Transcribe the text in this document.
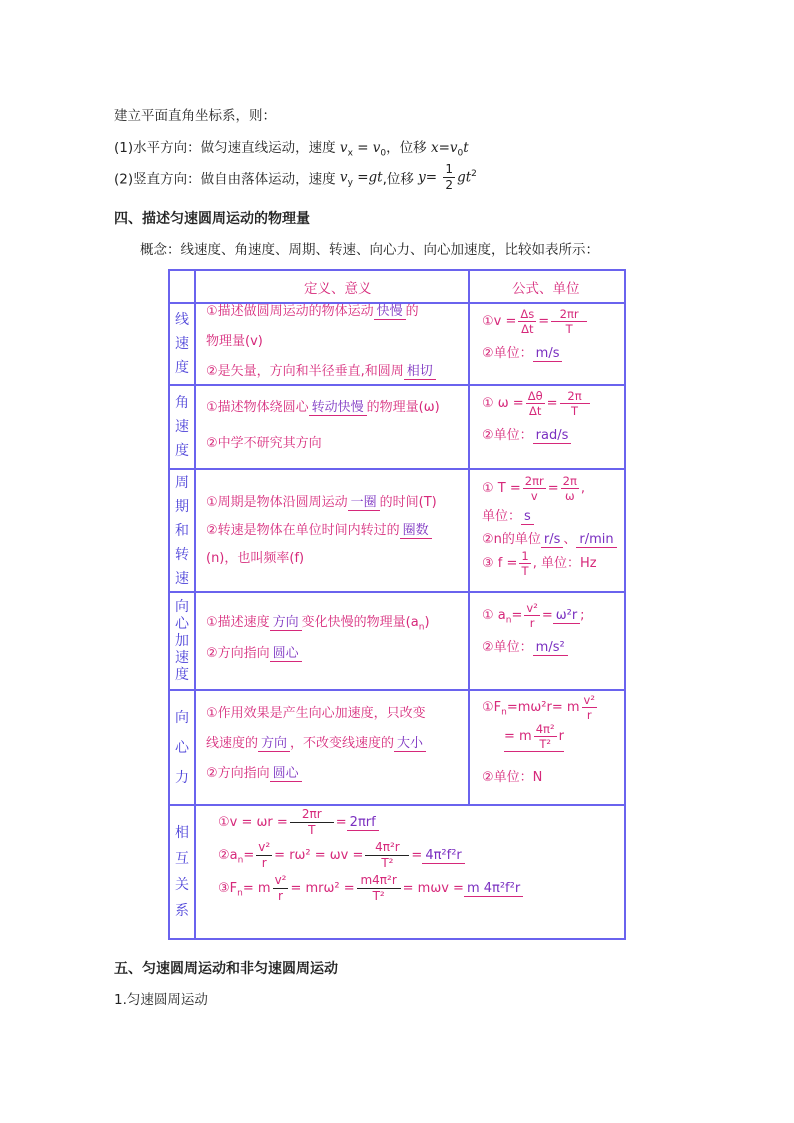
建立平面直角坐标系，则：
(1)水平方向：做匀速直线运动，速度 $v_x = v_0$，位移 $x=v_0t$
(2)竖直方向：做自由落体运动，速度 $v_y =gt$,位移 $y= \frac{1}{2} gt^2$
四、描述匀速圆周运动的物理量
概念：线速度、角速度、周期、转速、向心力、向心加速度，比较如表所示：
定义、意义	公式、单位
线
速
度
①描述做圆周运动的物体运动 快慢 的
物理量(v)
②是矢量，方向和半径垂直,和圆周 相切
①v = $\frac{\Delta s}{\Delta t} = \frac{2\pi r}{T}$
②单位： m/s
角
速
度
①描述物体绕圆心 转动快慢 的物理量(ω)
②中学不研究其方向
① $\omega = \frac{\Delta\theta}{\Delta t} = \frac{2\pi}{T}$
②单位： rad/s
周
期
和
转
速
①周期是物体沿圆周运动 一圈 的时间(T)
②转速是物体在单位时间内转过的 圈数
(n)，也叫频率(f)
① $T = \frac{2\pi r}{v} = \frac{2\pi}{\omega}$ ,
单位： s
②n的单位 r/s 、 r/min
③ $f = \frac{1}{T}$ , 单位：Hz
向
心
加
速
度
①描述速度 方向 变化快慢的物理量$(a_n)$
②方向指向 圆心
① $a_n= \frac{\text{v²}}{r} = \omega^2r$ ;
②单位： m/s²
向
心
力
①作用效果是产生向心加速度，只改变
线速度的 方向 ，不改变线速度的 大小
②方向指向 圆心
$①F_n=m\omega^2r= m \frac{\text{v²}}{r}$
= m $\frac{\text{4π²}}{\text{T²}}$ r
②单位：N
相
互
关
系
①v = $\omega r = \frac{2\pi r}{T} = 2\pi rf$
$②a_n= \frac{\text{v²}}{r} = r\omega^2 = \omega v = \frac{\text{4π²r}}{\text{T²}} = 4\pi^2f^2r$
$③F_n= m \frac{\text{v²}}{r} = mr\omega^2 = \frac{\text{m4π²r}}{\text{T²}} = m\omega v = m$ 4π²f²r
五、匀速圆周运动和非匀速圆周运动
1.匀速圆周运动
